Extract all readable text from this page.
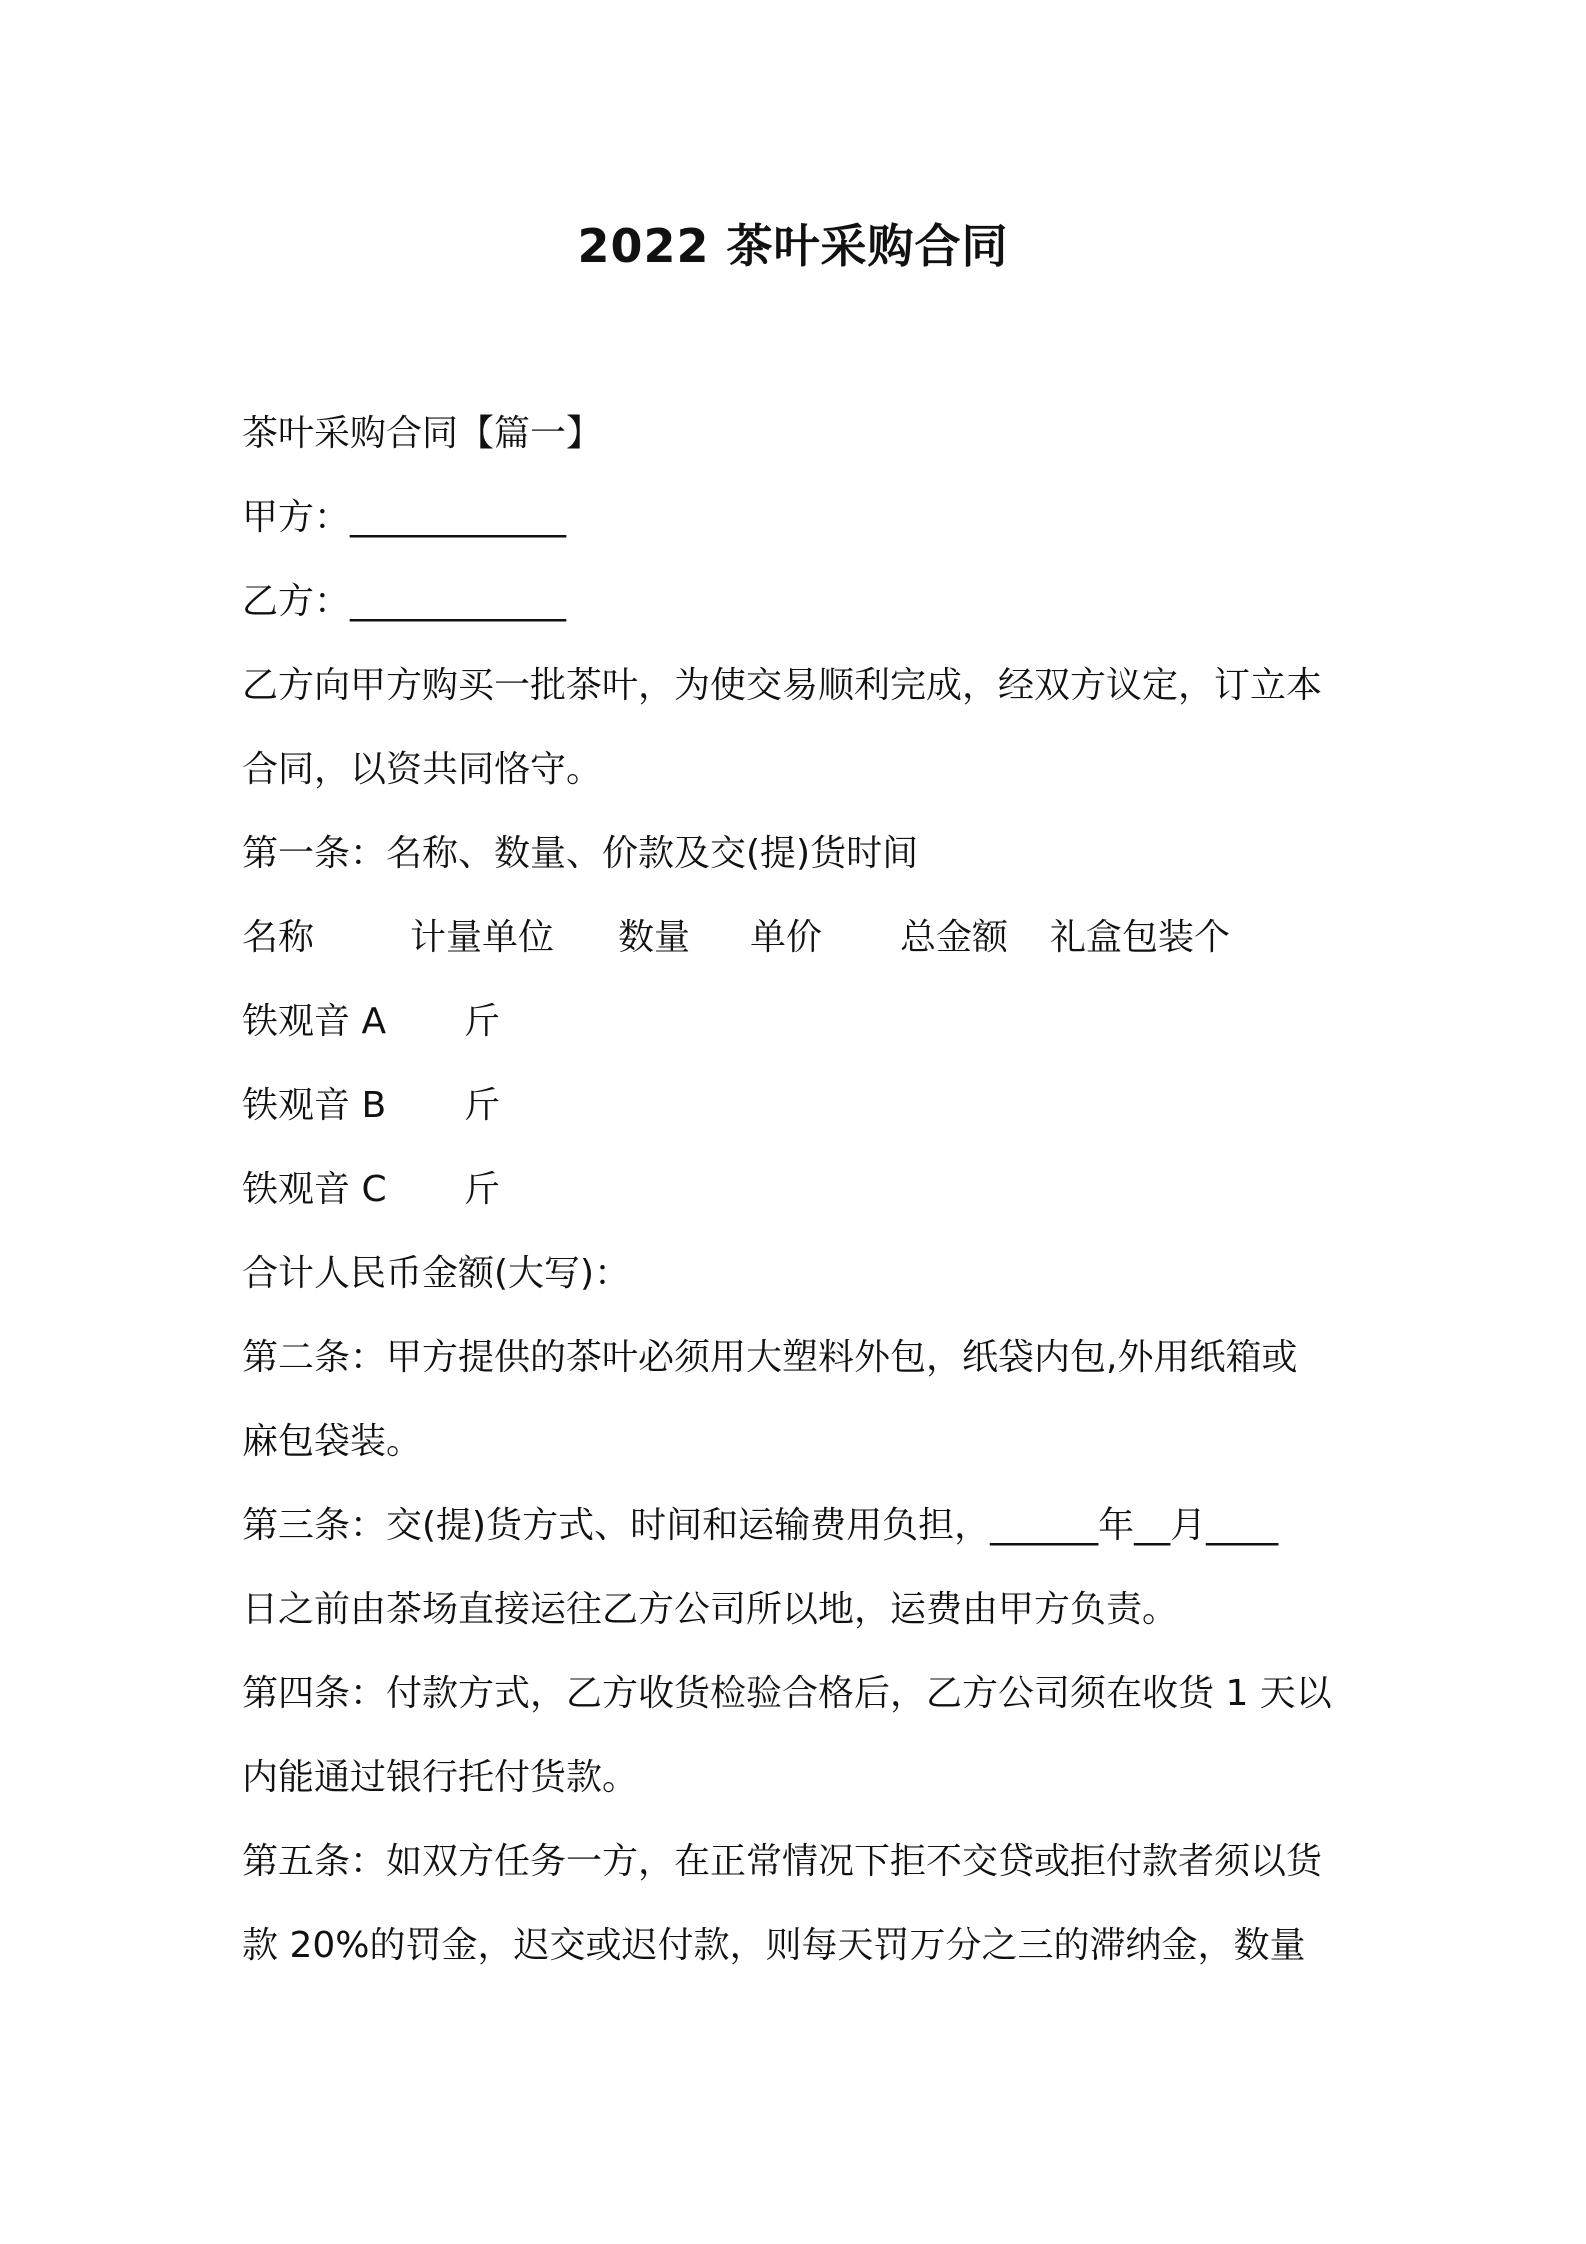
2022 茶叶采购合同
茶叶采购合同【篇一】
甲方：____________
乙方：____________
乙方向甲方购买一批茶叶，为使交易顺利完成，经双方议定，订立本
合同，以资共同恪守。
第一条：名称、数量、价款及交(提)货时间
名称	计量单位 数量 单价 总金额 礼盒包装个
铁观音 A 斤
铁观音 B 斤
铁观音 C 斤
合计人民币金额(大写)：
第二条：甲方提供的茶叶必须用大塑料外包，纸袋内包,外用纸箱或
麻包袋装。
第三条：交(提)货方式、时间和运输费用负担，______年__月____
日之前由茶场直接运往乙方公司所以地，运费由甲方负责。
第四条：付款方式，乙方收货检验合格后，乙方公司须在收货 1 天以
内能通过银行托付货款。
第五条：如双方任务一方，在正常情况下拒不交贷或拒付款者须以货
款 20%的罚金，迟交或迟付款，则每天罚万分之三的滞纳金，数量
